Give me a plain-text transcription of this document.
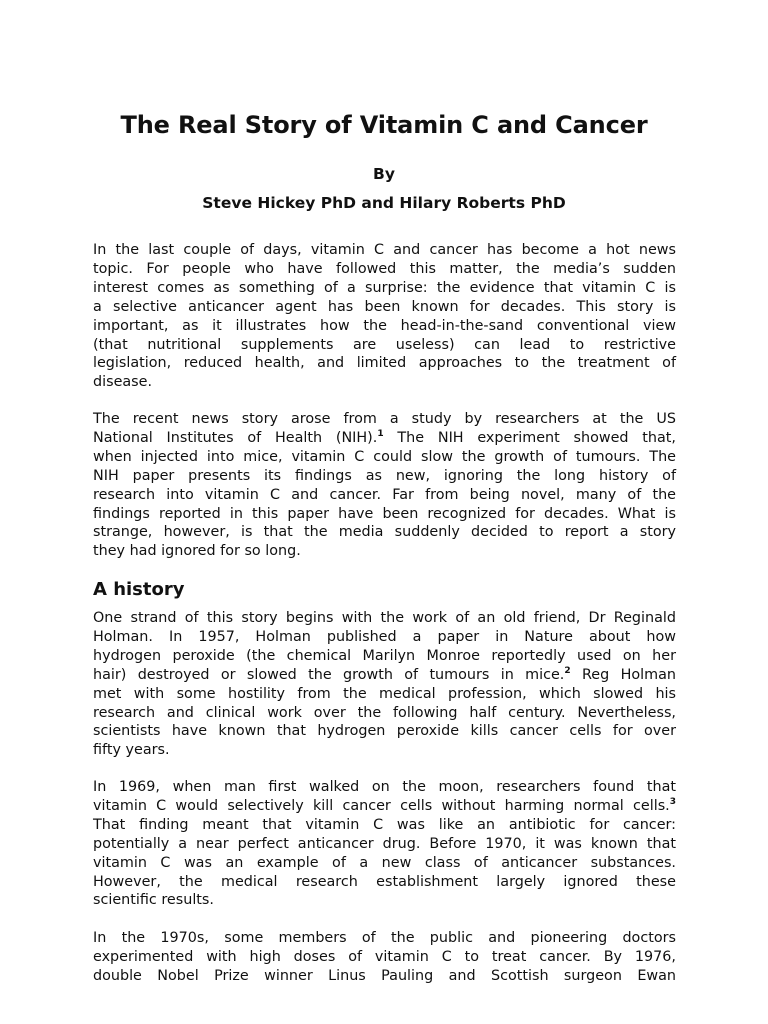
The Real Story of Vitamin C and Cancer

By

Steve Hickey PhD and Hilary Roberts PhD

In the last couple of days, vitamin C and cancer has become a hot news
topic. For people who have followed this matter, the media’s sudden
interest comes as something of a surprise: the evidence that vitamin C is
a selective anticancer agent has been known for decades. This story is
important, as it illustrates how the head-in-the-sand conventional view
(that nutritional supplements are useless) can lead to restrictive
legislation, reduced health, and limited approaches to the treatment of
disease.
The recent news story arose from a study by researchers at the US
National Institutes of Health (NIH).$^1$ The NIH experiment showed that,
when injected into mice, vitamin C could slow the growth of tumours. The
NIH paper presents its findings as new, ignoring the long history of
research into vitamin C and cancer. Far from being novel, many of the
findings reported in this paper have been recognized for decades. What is
strange, however, is that the media suddenly decided to report a story
they had ignored for so long.
A history
One strand of this story begins with the work of an old friend, Dr Reginald
Holman. In 1957, Holman published a paper in Nature about how
hydrogen peroxide (the chemical Marilyn Monroe reportedly used on her
hair) destroyed or slowed the growth of tumours in mice.$^2$ Reg Holman
met with some hostility from the medical profession, which slowed his
research and clinical work over the following half century. Nevertheless,
scientists have known that hydrogen peroxide kills cancer cells for over
fifty years.
In 1969, when man first walked on the moon, researchers found that
vitamin C would selectively kill cancer cells without harming normal cells.$^3$
That finding meant that vitamin C was like an antibiotic for cancer:
potentially a near perfect anticancer drug. Before 1970, it was known that
vitamin C was an example of a new class of anticancer substances.
However, the medical research establishment largely ignored these
scientific results.
In the 1970s, some members of the public and pioneering doctors
experimented with high doses of vitamin C to treat cancer. By 1976,
double Nobel Prize winner Linus Pauling and Scottish surgeon Ewan
